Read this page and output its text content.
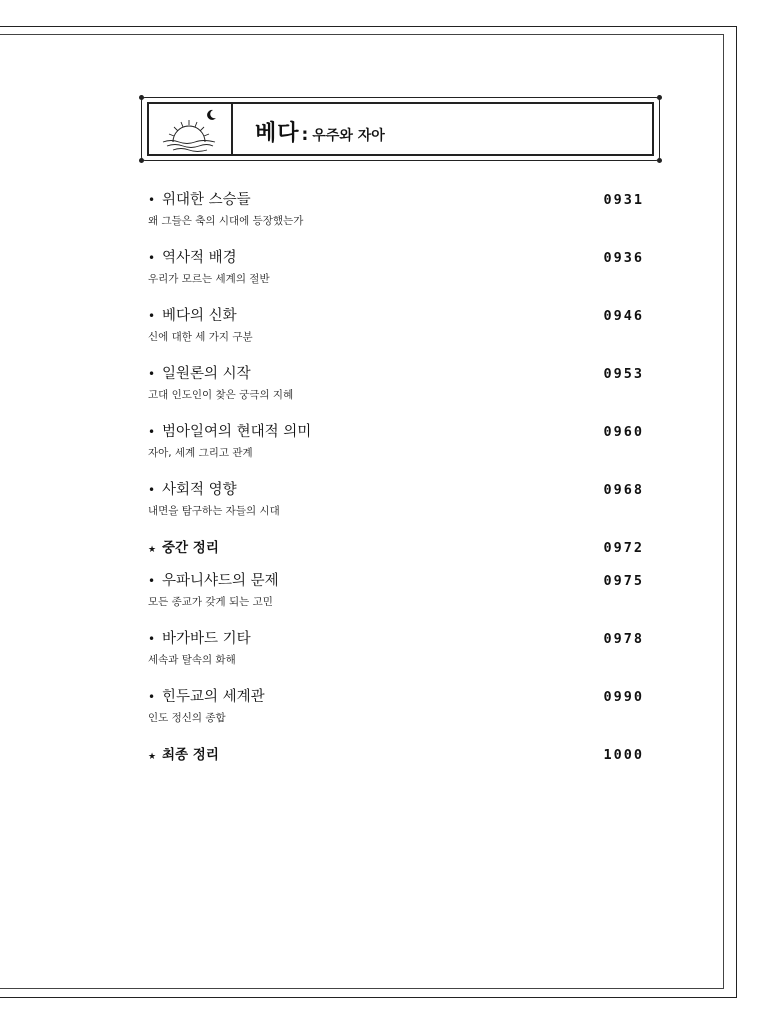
베다 : 우주와 자아
• 위대한 스승들	0931
왜 그들은 축의 시대에 등장했는가
• 역사적 배경	0936
우리가 모르는 세계의 절반
• 베다의 신화	0946
신에 대한 세 가지 구분
• 일원론의 시작	0953
고대 인도인이 찾은 궁극의 지혜
• 범아일여의 현대적 의미	0960
자아, 세계 그리고 관계
• 사회적 영향	0968
내면을 탐구하는 자들의 시대
★ 중간 정리	0972
• 우파니샤드의 문제	0975
모든 종교가 갖게 되는 고민
• 바가바드 기타	0978
세속과 탈속의 화해
• 힌두교의 세계관	0990
인도 정신의 종합
★ 최종 정리	1000
